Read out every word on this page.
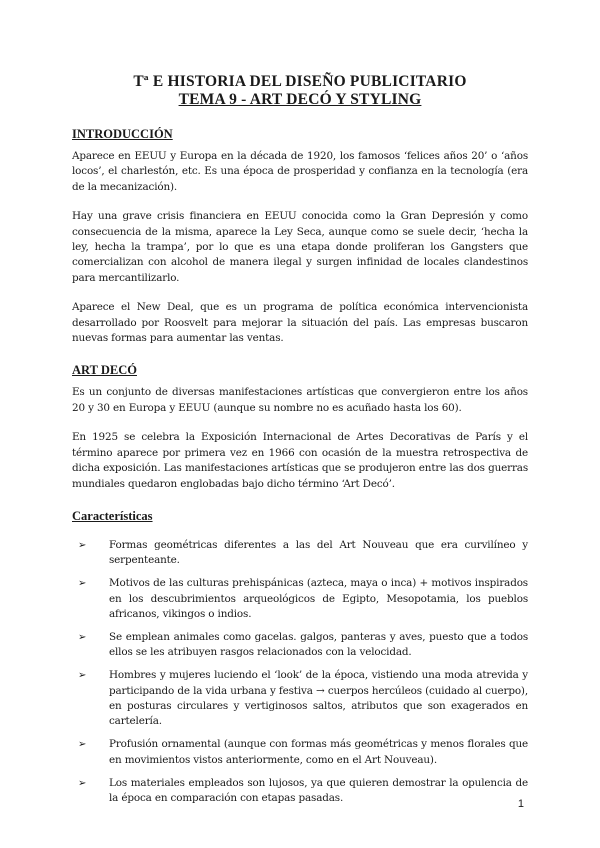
Tª E HISTORIA DEL DISEÑO PUBLICITARIO
TEMA 9 - ART DECÓ Y STYLING
INTRODUCCIÓN

Aparece en EEUU y Europa en la década de 1920, los famosos ‘felices años 20’ o ‘años locos’, el charlestón, etc. Es una época de prosperidad y confianza en la tecnología (era de la mecanización).

Hay una grave crisis financiera en EEUU conocida como la Gran Depresión y como consecuencia de la misma, aparece la Ley Seca, aunque como se suele decir, ‘hecha la ley, hecha la trampa’, por lo que es una etapa donde proliferan los Gangsters que comercializan con alcohol de manera ilegal y surgen infinidad de locales clandestinos para mercantilizarlo.

Aparece el New Deal, que es un programa de política económica intervencionista desarrollado por Roosvelt para mejorar la situación del país. Las empresas buscaron nuevas formas para aumentar las ventas.

ART DECÓ

Es un conjunto de diversas manifestaciones artísticas que convergieron entre los años 20 y 30 en Europa y EEUU (aunque su nombre no es acuñado hasta los 60).

En 1925 se celebra la Exposición Internacional de Artes Decorativas de París y el término aparece por primera vez en 1966 con ocasión de la muestra retrospectiva de dicha exposición. Las manifestaciones artísticas que se produjeron entre las dos guerras mundiales quedaron englobadas bajo dicho término ‘Art Decó’.

Características
➢ Formas geométricas diferentes a las del Art Nouveau que era curvilíneo y serpenteante.

➢ Motivos de las culturas prehispánicas (azteca, maya o inca) + motivos inspirados en los descubrimientos arqueológicos de Egipto, Mesopotamia, los pueblos africanos, vikingos o indios.

➢ Se emplean animales como gacelas. galgos, panteras y aves, puesto que a todos ellos se les atribuyen rasgos relacionados con la velocidad.

➢ Hombres y mujeres luciendo el ‘look’ de la época, vistiendo una moda atrevida y participando de la vida urbana y festiva → cuerpos hercúleos (cuidado al cuerpo), en posturas circulares y vertiginosos saltos, atributos que son exagerados en cartelería.

➢ Profusión ornamental (aunque con formas más geométricas y menos florales que en movimientos vistos anteriormente, como en el Art Nouveau).

➢ Los materiales empleados son lujosos, ya que quieren demostrar la opulencia de la época en comparación con etapas pasadas.	1
